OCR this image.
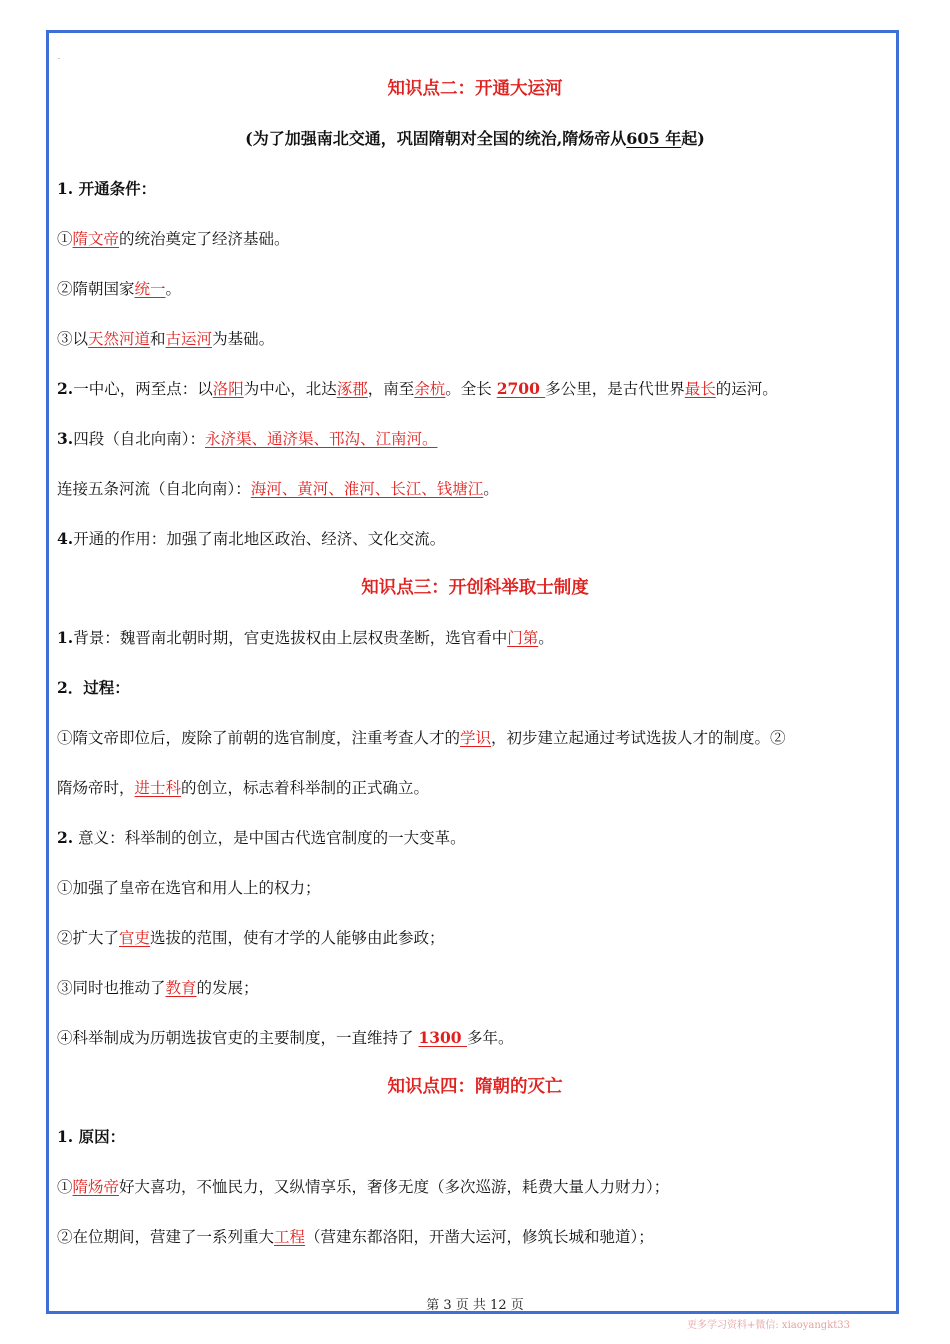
·
知识点二：开通大运河
(为了加强南北交通，巩固隋朝对全国的统治,隋炀帝从605 年起)
1. 开通条件：
①隋文帝的统治奠定了经济基础。
②隋朝国家统一。
③以天然河道和古运河为基础。
2.一中心，两至点：以洛阳为中心，北达涿郡，南至余杭。全长 2700 多公里，是古代世界最长的运河。
3.四段（自北向南）：永济渠、通济渠、邗沟、江南河。
连接五条河流（自北向南）：海河、黄河、淮河、长江、钱塘江。
4.开通的作用：加强了南北地区政治、经济、文化交流。
知识点三：开创科举取士制度
1.背景：魏晋南北朝时期，官吏选拔权由上层权贵垄断，选官看中门第。
2．过程：
①隋文帝即位后，废除了前朝的选官制度，注重考查人才的学识，初步建立起通过考试选拔人才的制度。②
隋炀帝时，进士科的创立，标志着科举制的正式确立。
2. 意义：科举制的创立，是中国古代选官制度的一大变革。
①加强了皇帝在选官和用人上的权力；
②扩大了官吏选拔的范围，使有才学的人能够由此参政；
③同时也推动了教育的发展；
④科举制成为历朝选拔官吏的主要制度，一直维持了 1300 多年。
知识点四：隋朝的灭亡
1. 原因：
①隋炀帝好大喜功，不恤民力，又纵情享乐，奢侈无度（多次巡游，耗费大量人力财力）；
②在位期间，营建了一系列重大工程（营建东都洛阳，开凿大运河，修筑长城和驰道）；
第 3 页 共 12 页
更多学习资料+微信: xiaoyangkt33
